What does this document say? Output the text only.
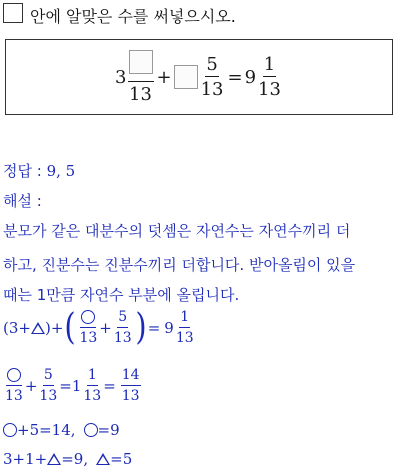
안에 알맞은 수를 써넣으시오.
3
13
+ $\frac{5}{13} = 9 \frac{1}{13}$
정답 : 9, 5
해설 :
분모가 같은 대분수의 덧셈은 자연수는 자연수끼리 더
하고, 진분수는 진분수끼리 더합니다. 받아올림이 있을
때는 1만큼 자연수 부분에 올립니다.
(3+ )+ ( 13
+ $\frac{5}{13}$ ) = $9 \frac{1}{13}$
13
+ $\frac{5}{13} = 1 \frac{1}{13} = \frac{14}{13}$
+5=14, =9
3+1+ =9, =5
